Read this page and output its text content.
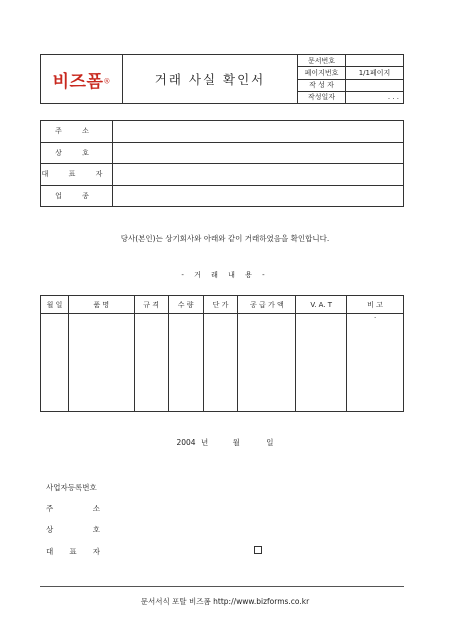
비즈폼®	거래 사실 확인서	문서번호	
		페이지번호	1/1페이지
		작 성 자	
		작성일자	. . .
주 소	
상 호	
대 표 자	
업 종	
당사(본인)는 상기회사와 아래와 같이 거래하였음을 확인합니다.
- 거 래 내 용 -
월 일	품 명	규 격	수 량	단 가	공 급 가 액	V. A. T	비 고
							.
2004 년	월	일
사업자등록번호
주	소
상	호
대 표 자
문서서식 포탈 비즈폼 http://www.bizforms.co.kr
